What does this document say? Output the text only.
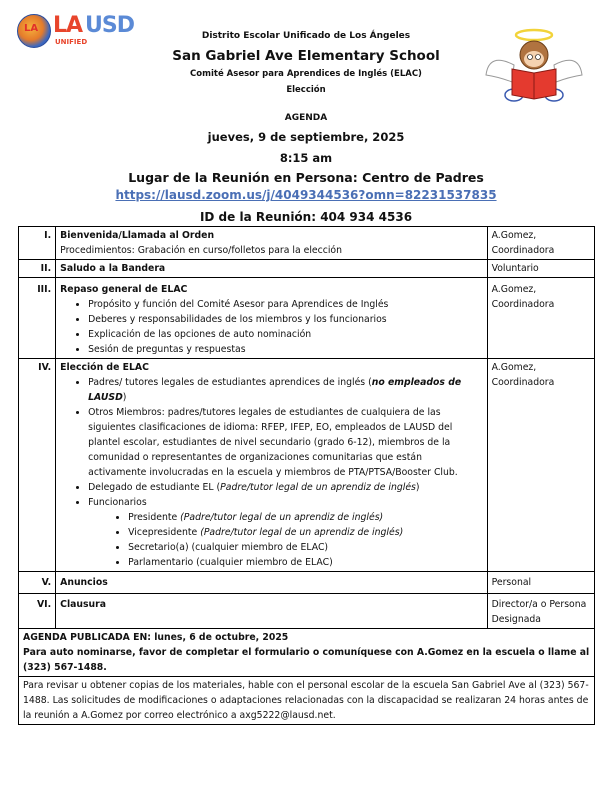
LA LA USD
UNIFIED
Distrito Escolar Unificado de Los Ángeles
San Gabriel Ave Elementary School
Comité Asesor para Aprendices de Inglés (ELAC)
Elección
AGENDA
jueves, 9 de septiembre, 2025
8:15 am
Lugar de la Reunión en Persona: Centro de Padres
https://lausd.zoom.us/j/4049344536?omn=82231537835
ID de la Reunión: 404 934 4536
I.	Bienvenida/Llamada al Orden
Procedimientos: Grabación en curso/folletos para la elección	A.Gomez, Coordinadora
II.	Saludo a la Bandera	Voluntario
III.	Repaso general de ELAC
• Propósito y función del Comité Asesor para Aprendices de Inglés
• Deberes y responsabilidades de los miembros y los funcionarios
• Explicación de las opciones de auto nominación
• Sesión de preguntas y respuestas
	A.Gomez, Coordinadora
IV.	Elección de ELAC
• Padres/ tutores legales de estudiantes aprendices de inglés (no empleados de LAUSD)
• Otros Miembros: padres/tutores legales de estudiantes de cualquiera de las siguientes clasificaciones de idioma: RFEP, IFEP, EO, empleados de LAUSD del plantel escolar, estudiantes de nivel secundario (grado 6-12), miembros de la comunidad o representantes de organizaciones comunitarias que están activamente involucradas en la escuela y miembros de PTA/PTSA/Booster Club.
• Delegado de estudiante EL (Padre/tutor legal de un aprendiz de inglés)
• Funcionarios
• Presidente (Padre/tutor legal de un aprendiz de inglés)
• Vicepresidente (Padre/tutor legal de un aprendiz de inglés)
• Secretario(a) (cualquier miembro de ELAC)
• Parlamentario (cualquier miembro de ELAC)
	A.Gomez, Coordinadora
V.	Anuncios	Personal
VI.	Clausura	Director/a o Persona Designada

AGENDA PUBLICADA EN: lunes, 6 de octubre, 2025
Para auto nominarse, favor de completar el formulario o comuníquese con A.Gomez en la escuela o llame al (323) 567-1488.		

Para revisar u obtener copias de los materiales, hable con el personal escolar de la escuela San Gabriel Ave al (323) 567-1488. Las solicitudes de modificaciones o adaptaciones relacionadas con la discapacidad se realizaran 24 horas antes de la reunión a A.Gomez por correo electrónico a axg5222@lausd.net.		
